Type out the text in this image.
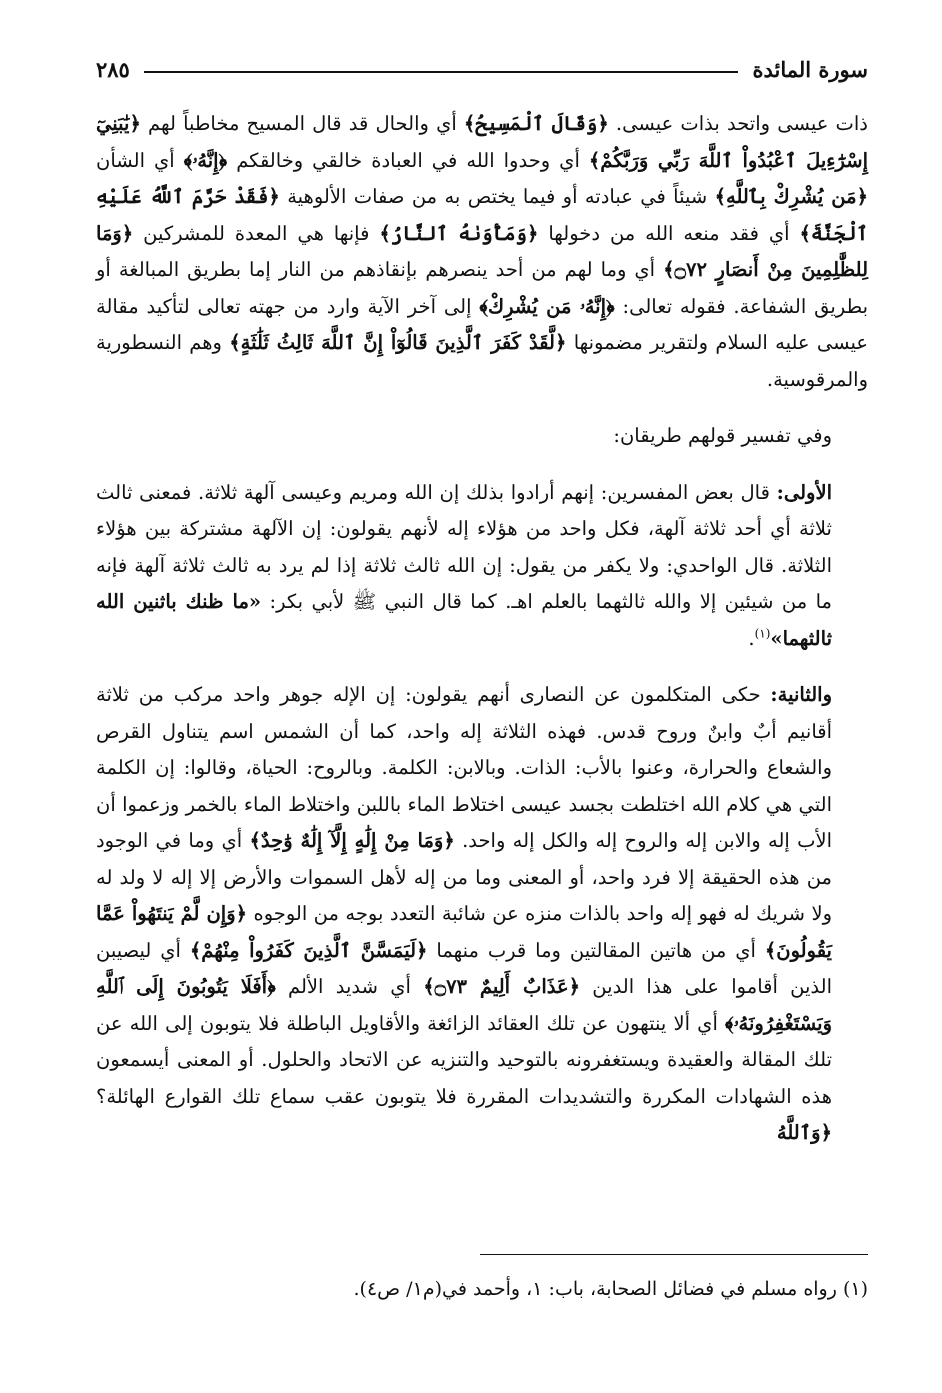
سورة المائدة
٢٨٥

ذات عيسى واتحد بذات عيسى. ﴿وَقَالَ ٱلْمَسِيحُ﴾ أي والحال قد قال المسيح مخاطباً لهم ﴿يَٰبَنِيٓ إِسْرَٰٓءِيلَ ٱعْبُدُواْ ٱللَّهَ رَبِّي وَرَبَّكُمْ﴾ أي وحدوا الله في العبادة خالقي وخالقكم ﴿إِنَّهُۥ﴾ أي الشأن ﴿مَن يُشْرِكْ بِٱللَّهِ﴾ شيئاً في عبادته أو فيما يختص به من صفات الألوهية ﴿فَقَدْ حَرَّمَ ٱللَّهُ عَلَيْهِ ٱلْجَنَّةَ﴾ أي فقد منعه الله من دخولها ﴿وَمَأْوَىٰهُ ٱلنَّارُ﴾ فإنها هي المعدة للمشركين ﴿وَمَا لِلظَّٰلِمِينَ مِنْ أَنصَارٍ ۝٧٢﴾ أي وما لهم من أحد ينصرهم بإنقاذهم من النار إما بطريق المبالغة أو بطريق الشفاعة. فقوله تعالى: ﴿إِنَّهُۥ مَن يُشْرِكْ﴾ إلى آخر الآية وارد من جهته تعالى لتأكيد مقالة عيسى عليه السلام ولتقرير مضمونها ﴿لَّقَدْ كَفَرَ ٱلَّذِينَ قَالُوٓاْ إِنَّ ٱللَّهَ ثَالِثُ ثَلَٰثَةٍ﴾ وهم النسطورية والمرقوسية.

وفي تفسير قولهم طريقان:

الأولى: قال بعض المفسرين: إنهم أرادوا بذلك إن الله ومريم وعيسى آلهة ثلاثة. فمعنى ثالث ثلاثة أي أحد ثلاثة آلهة، فكل واحد من هؤلاء إله لأنهم يقولون: إن الآلهة مشتركة بين هؤلاء الثلاثة. قال الواحدي: ولا يكفر من يقول: إن الله ثالث ثلاثة إذا لم يرد به ثالث ثلاثة آلهة فإنه ما من شيئين إلا والله ثالثهما بالعلم اهـ. كما قال النبي ﷺ لأبي بكر: «ما ظنك باثنين الله ثالثهما»$^{(١)}$.

والثانية: حكى المتكلمون عن النصارى أنهم يقولون: إن الإله جوهر واحد مركب من ثلاثة أقانيم أبٌ وابنٌ وروح قدس. فهذه الثلاثة إله واحد، كما أن الشمس اسم يتناول القرص والشعاع والحرارة، وعنوا بالأب: الذات. وبالابن: الكلمة. وبالروح: الحياة، وقالوا: إن الكلمة التي هي كلام الله اختلطت بجسد عيسى اختلاط الماء باللبن واختلاط الماء بالخمر وزعموا أن الأب إله والابن إله والروح إله والكل إله واحد. ﴿وَمَا مِنْ إِلَٰهٍ إِلَّآ إِلَٰهٌ وَٰحِدٌ﴾ أي وما في الوجود من هذه الحقيقة إلا فرد واحد، أو المعنى وما من إله لأهل السموات والأرض إلا إله لا ولد له ولا شريك له فهو إله واحد بالذات منزه عن شائبة التعدد بوجه من الوجوه ﴿وَإِن لَّمْ يَنتَهُواْ عَمَّا يَقُولُونَ﴾ أي من هاتين المقالتين وما قرب منهما ﴿لَيَمَسَّنَّ ٱلَّذِينَ كَفَرُواْ مِنْهُمْ﴾ أي ليصيبن الذين أقاموا على هذا الدين ﴿عَذَابٌ أَلِيمٌ ۝٧٣﴾ أي شديد الألم ﴿أَفَلَا يَتُوبُونَ إِلَى ٱللَّهِ وَيَسْتَغْفِرُونَهُۥ﴾ أي ألا ينتهون عن تلك العقائد الزائغة والأقاويل الباطلة فلا يتوبون إلى الله عن تلك المقالة والعقيدة ويستغفرونه بالتوحيد والتنزيه عن الاتحاد والحلول. أو المعنى أيسمعون هذه الشهادات المكررة والتشديدات المقررة فلا يتوبون عقب سماع تلك القوارع الهائلة؟ ﴿وَٱللَّهُ

(١) رواه مسلم في فضائل الصحابة، باب: ١، وأحمد في(م١/ ص٤).
